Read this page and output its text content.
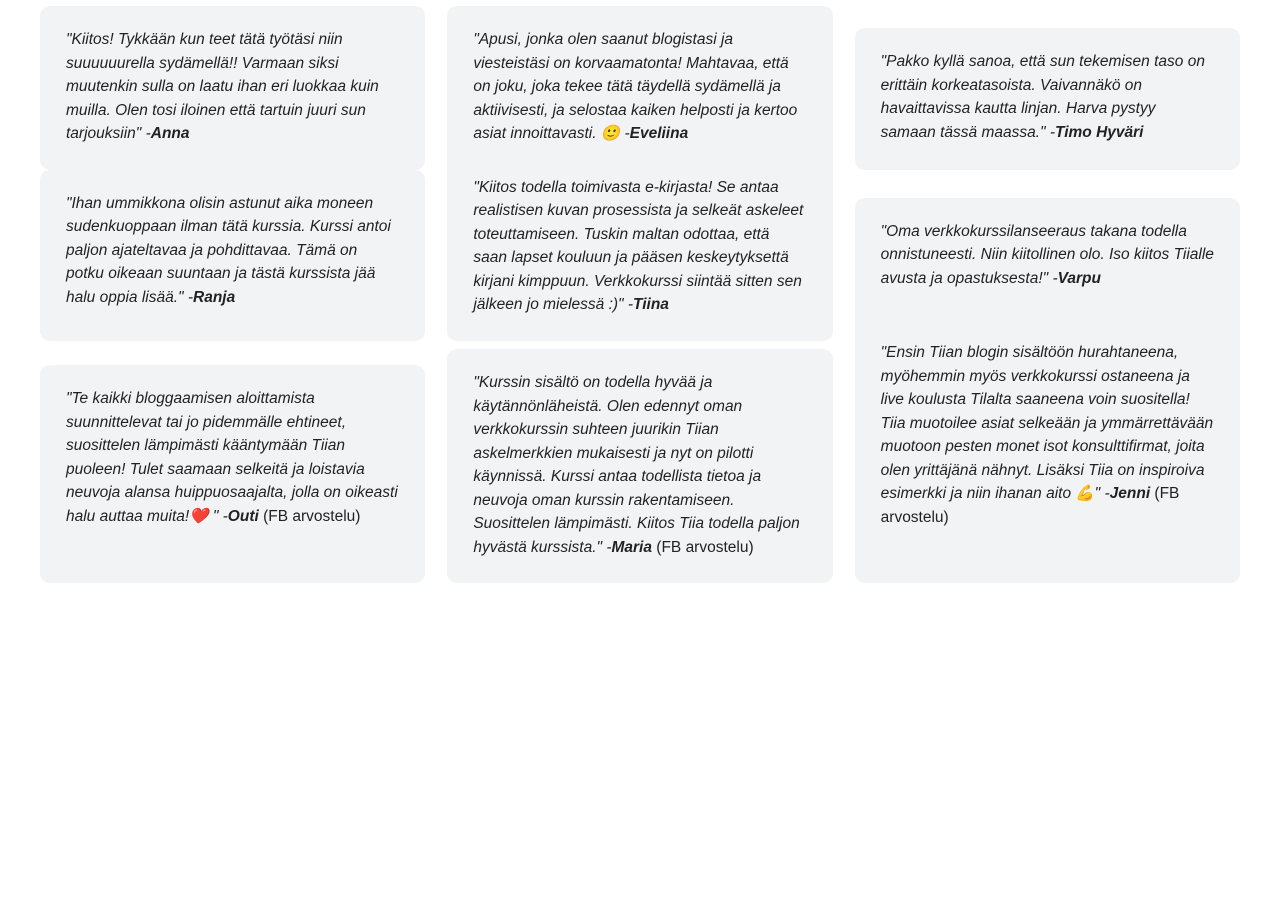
"Kiitos! Tykkään kun teet tätä työtäsi niin suuuuuurella sydämellä!! Varmaan siksi muutenkin sulla on laatu ihan eri luokkaa kuin muilla. Olen tosi iloinen että tartuin juuri sun tarjouksiin" -Anna
"Apusi, jonka olen saanut blogistasi ja viesteistäsi on korvaamatonta! Mahtavaa, että on joku, joka tekee tätä täydellä sydämellä ja aktiivisesti, ja selostaa kaiken helposti ja kertoo asiat innoittavasti. 🙂 -Eveliina
"Pakko kyllä sanoa, että sun tekemisen taso on erittäin korkeatasoista. Vaivannäkö on havaittavissa kautta linjan. Harva pystyy samaan tässä maassa." -Timo Hyväri
"Ihan ummikkona olisin astunut aika moneen sudenkuoppaan ilman tätä kurssia. Kurssi antoi paljon ajateltavaa ja pohdittavaa. Tämä on potku oikeaan suuntaan ja tästä kurssista jää halu oppia lisää." -Ranja
"Kiitos todella toimivasta e-kirjasta! Se antaa realistisen kuvan prosessista ja selkeät askeleet toteuttamiseen. Tuskin maltan odottaa, että saan lapset kouluun ja pääsen keskeytyksettä kirjani kimppuun. Verkkokurssi siintää sitten sen jälkeen jo mielessä :)" -Tiina
"Oma verkkokurssilanseeraus takana todella onnistuneesti. Niin kiitollinen olo. Iso kiitos Tiialle avusta ja opastuksesta!" -Varpu
"Te kaikki bloggaamisen aloittamista suunnittelevat tai jo pidemmälle ehtineet, suosittelen lämpimästi kääntymään Tiian puoleen! Tulet saamaan selkeitä ja loistavia neuvoja alansa huippuosaajalta, jolla on oikeasti halu auttaa muita!❤️ " -Outi (FB arvostelu)
"Kurssin sisältö on todella hyvää ja käytännönläheistä. Olen edennyt oman verkkokurssin suhteen juurikin Tiian askelmerkkien mukaisesti ja nyt on pilotti käynnissä. Kurssi antaa todellista tietoa ja neuvoja oman kurssin rakentamiseen. Suosittelen lämpimästi. Kiitos Tiia todella paljon hyvästä kurssista." -Maria (FB arvostelu)
"Ensin Tiian blogin sisältöön hurahtaneena, myöhemmin myös verkkokurssi ostaneena ja live koulusta Tilalta saaneena voin suositella! Tiia muotoilee asiat selkeään ja ymmärrettävään muotoon pesten monet isot konsulttifirmat, joita olen yrittäjänä nähnyt. Lisäksi Tiia on inspiroiva esimerkki ja niin ihanan aito 💪" -Jenni (FB arvostelu)
